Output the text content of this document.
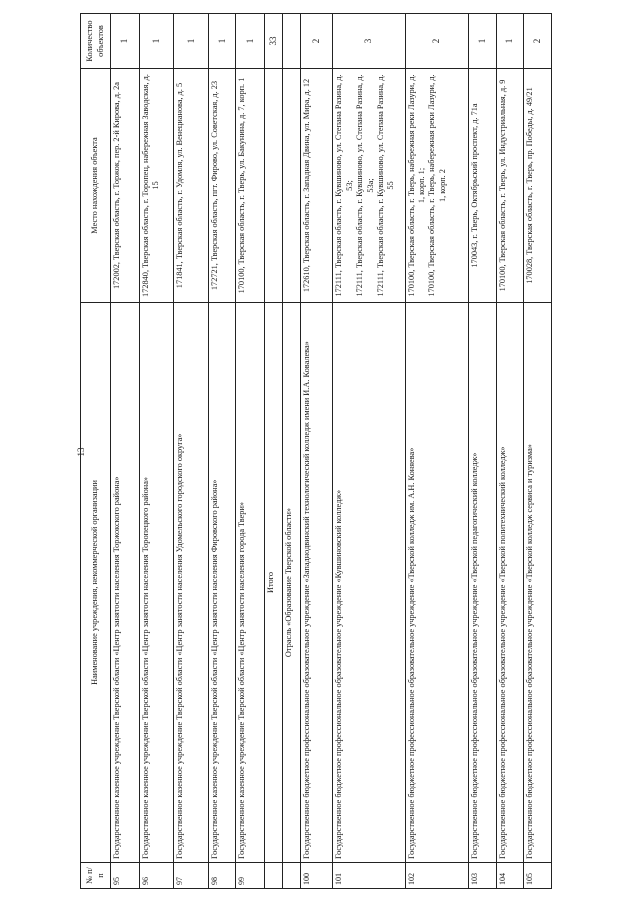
13
№ п/п	Наименование учреждения, некоммерческой организации	Место нахождения объекта	Количество объектов
95	Государственное казенное учреждение Тверской области «Центр занятости населения Торжокского района»	172002, Тверская область, г. Торжок, пер. 2-й Кирова, д. 2а	1
96	Государственное казенное учреждение Тверской области «Центр занятости населения Торопецкого района»	172840, Тверская область, г. Торопец, набережная Заводская, д. 15	1
97	Государственное казенное учреждение Тверской области «Центр занятости населения Удомельского городского округа»	171841, Тверская область, г. Удомля, ул. Венецианова, д. 5	1
98	Государственное казенное учреждение Тверской области «Центр занятости населения Фировского района»	172721, Тверская область, пгт. Фирово, ул. Советская, д. 23	1
99	Государственное казенное учреждение Тверской области «Центр занятости населения города Твери»	170100, Тверская область, г. Тверь, ул. Бакунина, д. 7, корп. 1	1
	Итого		33
	Отрасль «Образование Тверской области»		
100	Государственное бюджетное профессиональное образовательное учреждение «Западнодвинский технологический колледж имени И.А. Ковалева»	172610, Тверская область, г. Западная Двина, ул. Мира, д. 12	2
101	Государственное бюджетное профессиональное образовательное учреждение «Кувшиновский колледж»	172111, Тверская область, г. Кувшиново, ул. Степана Разина, д. 53; 172111, Тверская область, г. Кувшиново, ул. Степана Разина, д. 53а; 172111, Тверская область, г. Кувшиново, ул. Степана Разина, д. 55	3
102	Государственное бюджетное профессиональное образовательное учреждение «Тверской колледж им. А.Н. Коняева»	170100, Тверская область, г. Тверь, набережная реки Лазури, д. 1, корп. 1; 170100, Тверская область, г. Тверь, набережная реки Лазури, д. 1, корп. 2	2
103	Государственное бюджетное профессиональное образовательное учреждение «Тверской педагогический колледж»	170043, г. Тверь, Октябрьский проспект, д. 71а	1
104	Государственное бюджетное профессиональное образовательное учреждение «Тверской политехнический колледж»	170100, Тверская область, г. Тверь, ул. Индустриальная, д. 9	1
105	Государственное бюджетное профессиональное образовательное учреждение «Тверской колледж сервиса и туризма»	170028, Тверская область, г. Тверь, пр. Победы, д. 49/21	2
